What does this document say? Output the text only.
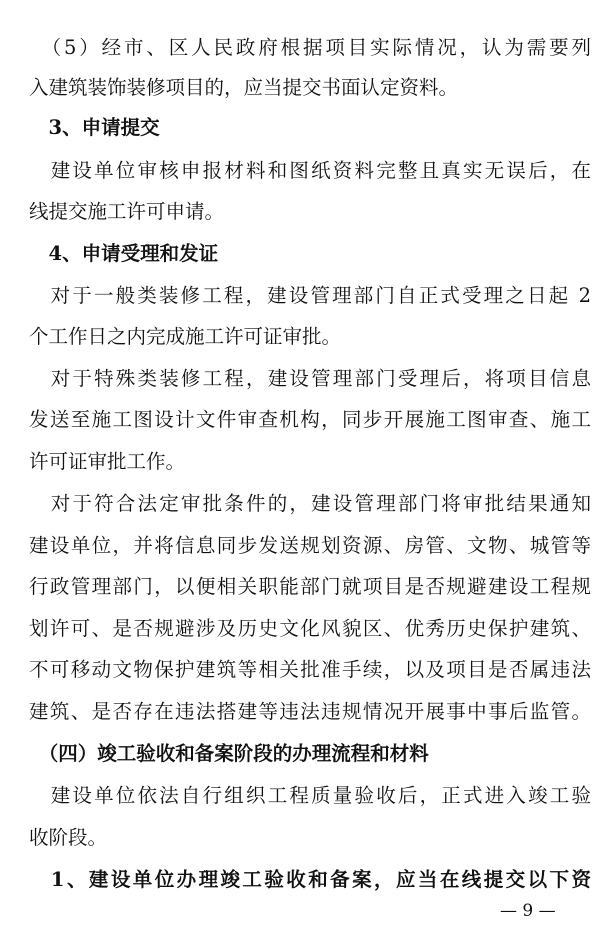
　（5）经市、区人民政府根据项目实际情况，认为需要列
入建筑装饰装修项目的，应当提交书面认定资料。
　3、申请提交
　建设单位审核申报材料和图纸资料完整且真实无误后，在
线提交施工许可申请。
　4、申请受理和发证
　对于一般类装修工程，建设管理部门自正式受理之日起 2
个工作日之内完成施工许可证审批。
　对于特殊类装修工程，建设管理部门受理后，将项目信息
发送至施工图设计文件审查机构，同步开展施工图审查、施工
许可证审批工作。
　对于符合法定审批条件的，建设管理部门将审批结果通知
建设单位，并将信息同步发送规划资源、房管、文物、城管等
行政管理部门，以便相关职能部门就项目是否规避建设工程规
划许可、是否规避涉及历史文化风貌区、优秀历史保护建筑、
不可移动文物保护建筑等相关批准手续，以及项目是否属违法
建筑、是否存在违法搭建等违法违规情况开展事中事后监管。
　（四）竣工验收和备案阶段的办理流程和材料
　建设单位依法自行组织工程质量验收后，正式进入竣工验
收阶段。
　1、建设单位办理竣工验收和备案，应当在线提交以下资
— 9 —
